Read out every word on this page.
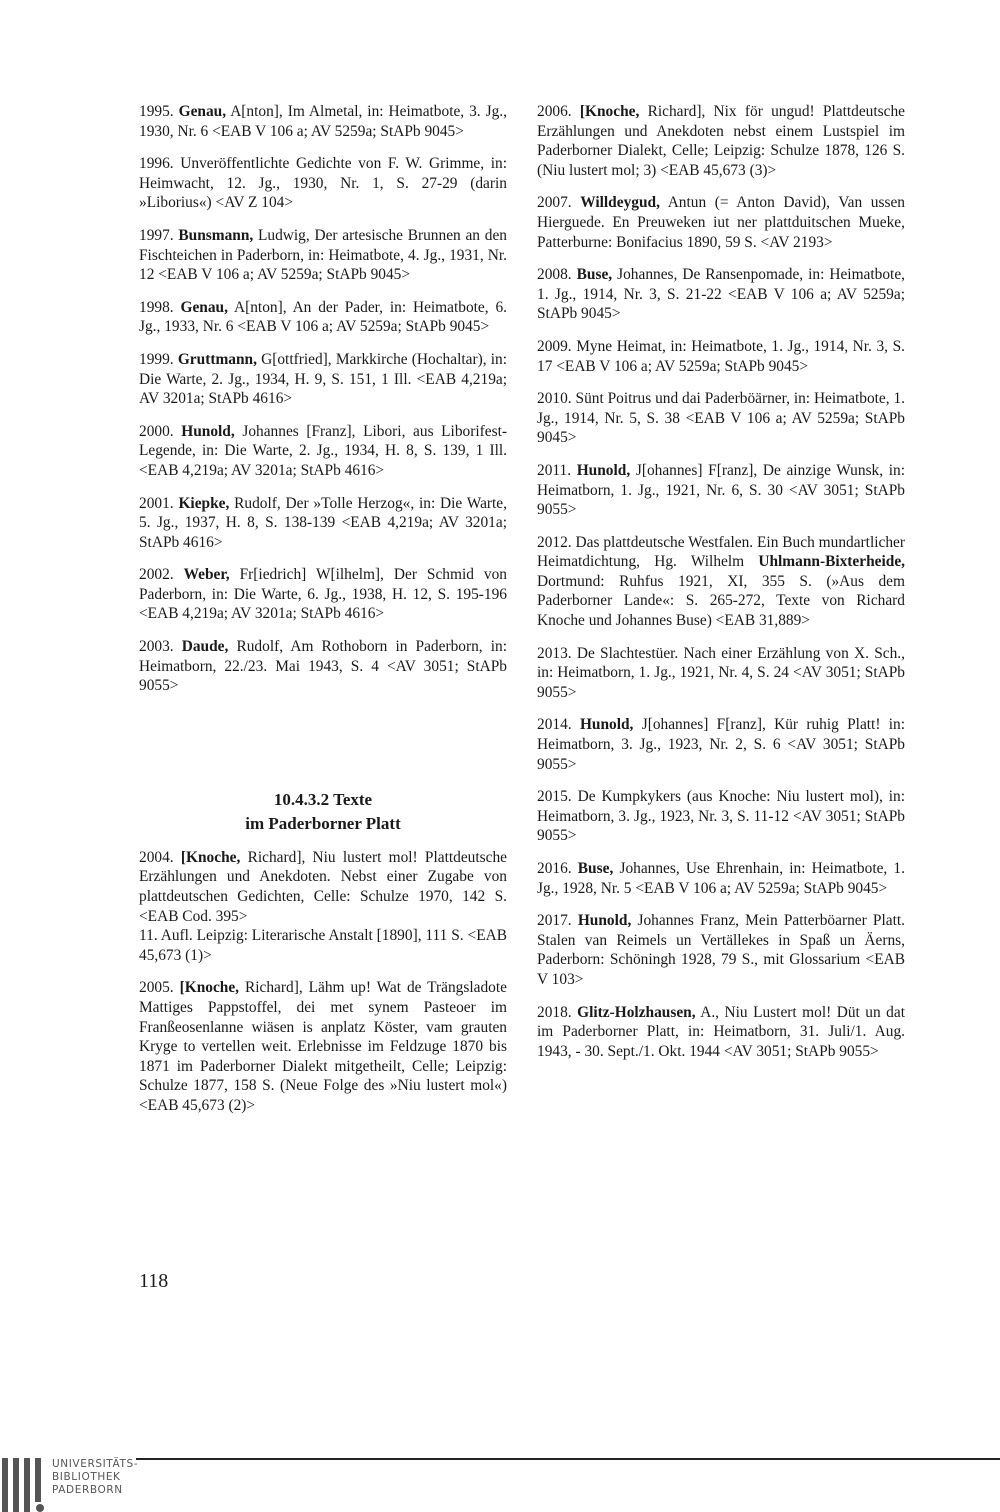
1995. Genau, A[nton], Im Almetal, in: Heimatbote, 3. Jg., 1930, Nr. 6 <EAB V 106 a; AV 5259a; StAPb 9045>
1996. Unveröffentlichte Gedichte von F. W. Grimme, in: Heimwacht, 12. Jg., 1930, Nr. 1, S. 27-29 (darin »Liborius«) <AV Z 104>
1997. Bunsmann, Ludwig, Der artesische Brunnen an den Fischteichen in Paderborn, in: Heimatbote, 4. Jg., 1931, Nr. 12 <EAB V 106 a; AV 5259a; StAPb 9045>
1998. Genau, A[nton], An der Pader, in: Heimatbote, 6. Jg., 1933, Nr. 6 <EAB V 106 a; AV 5259a; StAPb 9045>
1999. Gruttmann, G[ottfried], Markkirche (Hochaltar), in: Die Warte, 2. Jg., 1934, H. 9, S. 151, 1 Ill. <EAB 4,219a; AV 3201a; StAPb 4616>
2000. Hunold, Johannes [Franz], Libori, aus Liborifest-Legende, in: Die Warte, 2. Jg., 1934, H. 8, S. 139, 1 Ill. <EAB 4,219a; AV 3201a; StAPb 4616>
2001. Kiepke, Rudolf, Der »Tolle Herzog«, in: Die Warte, 5. Jg., 1937, H. 8, S. 138-139 <EAB 4,219a; AV 3201a; StAPb 4616>
2002. Weber, Fr[iedrich] W[ilhelm], Der Schmid von Paderborn, in: Die Warte, 6. Jg., 1938, H. 12, S. 195-196 <EAB 4,219a; AV 3201a; StAPb 4616>
2003. Daude, Rudolf, Am Rothoborn in Paderborn, in: Heimatborn, 22./23. Mai 1943, S. 4 <AV 3051; StAPb 9055>
10.4.3.2 Texte
im Paderborner Platt
2004. [Knoche, Richard], Niu lustert mol! Plattdeutsche Erzählungen und Anekdoten. Nebst einer Zugabe von plattdeutschen Gedichten, Celle: Schulze 1970, 142 S. <EAB Cod. 395>
11. Aufl. Leipzig: Literarische Anstalt [1890], 111 S. <EAB 45,673 (1)>
2005. [Knoche, Richard], Lähm up! Wat de Trängsladote Mattiges Pappstoffel, dei met synem Pasteoer im Franßeosenlanne wiäsen is anplatz Köster, vam grauten Kryge to vertellen weit. Erlebnisse im Feldzuge 1870 bis 1871 im Paderborner Dialekt mitgetheilt, Celle; Leipzig: Schulze 1877, 158 S. (Neue Folge des »Niu lustert mol«) <EAB 45,673 (2)>
2006. [Knoche, Richard], Nix för ungud! Plattdeutsche Erzählungen und Anekdoten nebst einem Lustspiel im Paderborner Dialekt, Celle; Leipzig: Schulze 1878, 126 S. (Niu lustert mol; 3) <EAB 45,673 (3)>
2007. Willdeygud, Antun (= Anton David), Van ussen Hierguede. En Preuweken iut ner plattduitschen Mueke, Patterburne: Bonifacius 1890, 59 S. <AV 2193>
2008. Buse, Johannes, De Ransenpomade, in: Heimatbote, 1. Jg., 1914, Nr. 3, S. 21-22 <EAB V 106 a; AV 5259a; StAPb 9045>
2009. Myne Heimat, in: Heimatbote, 1. Jg., 1914, Nr. 3, S. 17 <EAB V 106 a; AV 5259a; StAPb 9045>
2010. Sünt Poitrus und dai Paderböärner, in: Heimatbote, 1. Jg., 1914, Nr. 5, S. 38 <EAB V 106 a; AV 5259a; StAPb 9045>
2011. Hunold, J[ohannes] F[ranz], De ainzige Wunsk, in: Heimatborn, 1. Jg., 1921, Nr. 6, S. 30 <AV 3051; StAPb 9055>
2012. Das plattdeutsche Westfalen. Ein Buch mundartlicher Heimatdichtung, Hg. Wilhelm Uhlmann-Bixterheide, Dortmund: Ruhfus 1921, XI, 355 S. (»Aus dem Paderborner Lande«: S. 265-272, Texte von Richard Knoche und Johannes Buse) <EAB 31,889>
2013. De Slachtestüer. Nach einer Erzählung von X. Sch., in: Heimatborn, 1. Jg., 1921, Nr. 4, S. 24 <AV 3051; StAPb 9055>
2014. Hunold, J[ohannes] F[ranz], Kür ruhig Platt! in: Heimatborn, 3. Jg., 1923, Nr. 2, S. 6 <AV 3051; StAPb 9055>
2015. De Kumpkykers (aus Knoche: Niu lustert mol), in: Heimatborn, 3. Jg., 1923, Nr. 3, S. 11-12 <AV 3051; StAPb 9055>
2016. Buse, Johannes, Use Ehrenhain, in: Heimatbote, 1. Jg., 1928, Nr. 5 <EAB V 106 a; AV 5259a; StAPb 9045>
2017. Hunold, Johannes Franz, Mein Patterböarner Platt. Stalen van Reimels un Vertällekes in Spaß un Äerns, Paderborn: Schöningh 1928, 79 S., mit Glossarium <EAB V 103>
2018. Glitz-Holzhausen, A., Niu Lustert mol! Düt un dat im Paderborner Platt, in: Heimatborn, 31. Juli/1. Aug. 1943, - 30. Sept./1. Okt. 1944 <AV 3051; StAPb 9055>
118
UNIVERSITÄTS-
BIBLIOTHEK
PADERBORN
